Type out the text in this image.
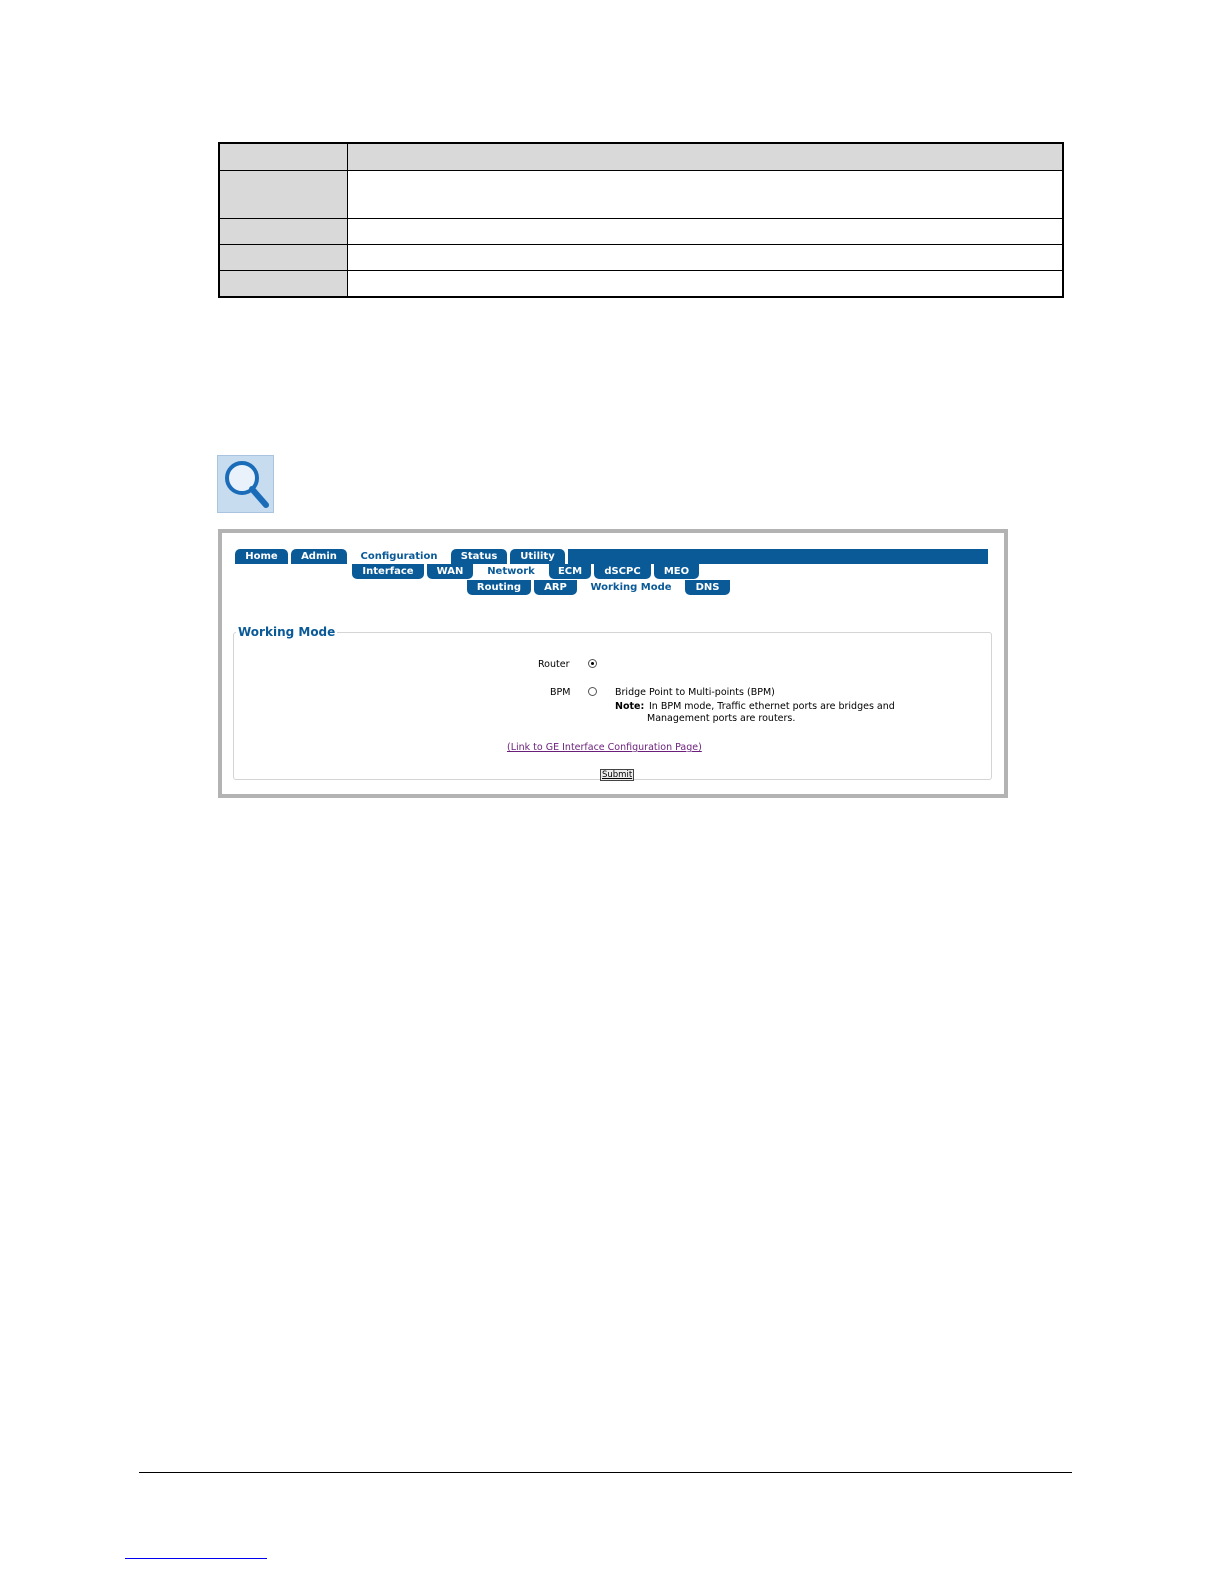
Home	Admin	Configuration	Status	Utility
Interface	WAN	Network	ECM	dSCPC	MEO
Routing	ARP	Working Mode	DNS
Working Mode
Router
BPM	Bridge Point to Multi-points (BPM)
Note: In BPM mode, Traffic ethernet ports are bridges and
Management ports are routers.
(Link to GE Interface Configuration Page)
Submit
